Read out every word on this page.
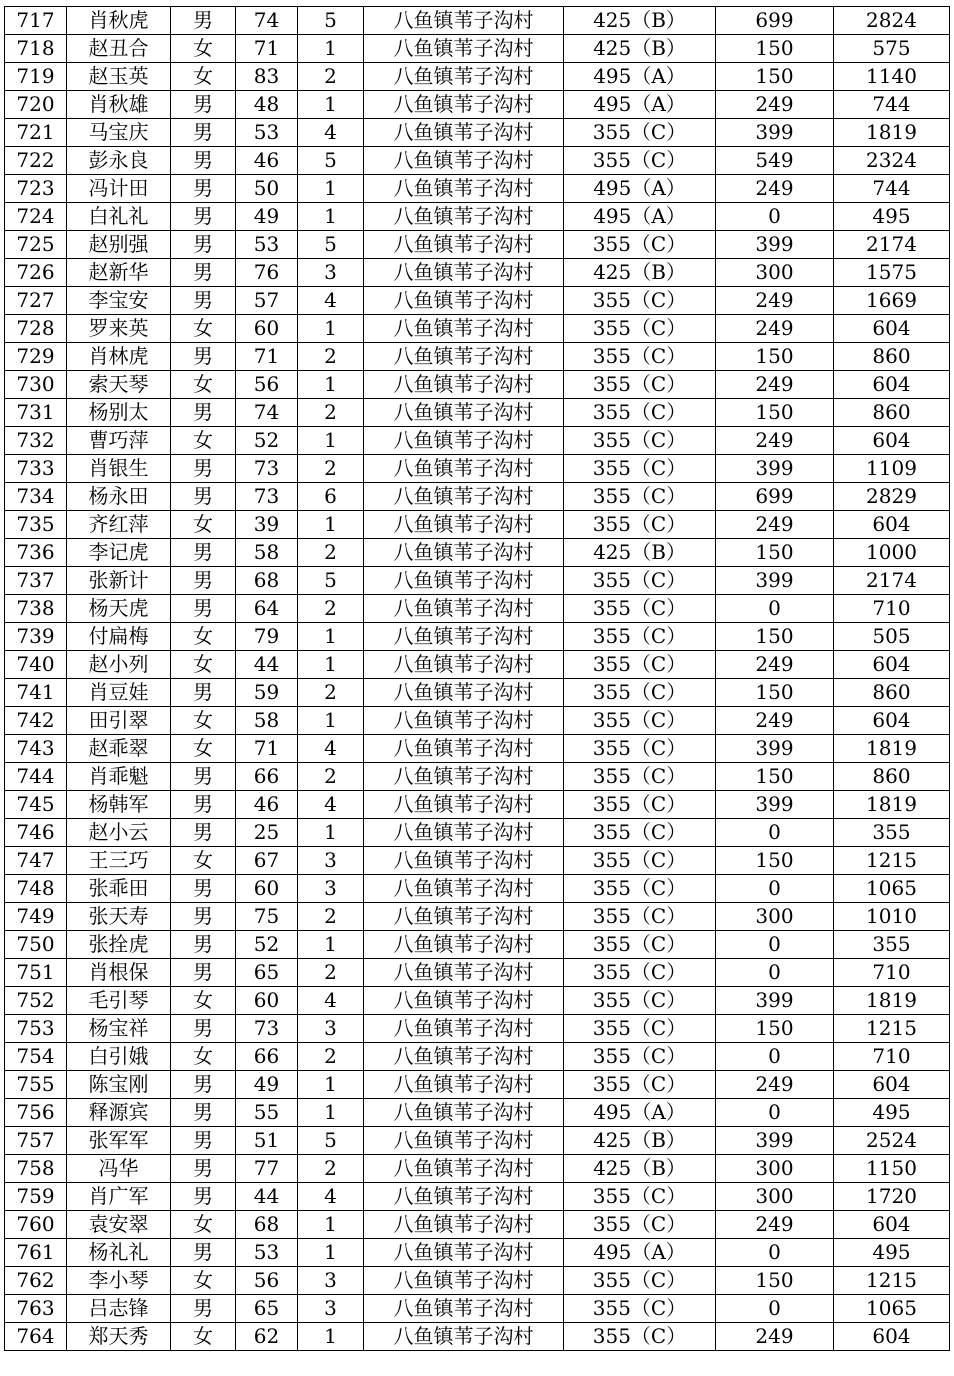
717	肖秋虎	男	74	5	八鱼镇苇子沟村	425（B）	699	2824
718	赵丑合	女	71	1	八鱼镇苇子沟村	425（B）	150	575
719	赵玉英	女	83	2	八鱼镇苇子沟村	495（A）	150	1140
720	肖秋雄	男	48	1	八鱼镇苇子沟村	495（A）	249	744
721	马宝庆	男	53	4	八鱼镇苇子沟村	355（C）	399	1819
722	彭永良	男	46	5	八鱼镇苇子沟村	355（C）	549	2324
723	冯计田	男	50	1	八鱼镇苇子沟村	495（A）	249	744
724	白礼礼	男	49	1	八鱼镇苇子沟村	495（A）	0	495
725	赵别强	男	53	5	八鱼镇苇子沟村	355（C）	399	2174
726	赵新华	男	76	3	八鱼镇苇子沟村	425（B）	300	1575
727	李宝安	男	57	4	八鱼镇苇子沟村	355（C）	249	1669
728	罗来英	女	60	1	八鱼镇苇子沟村	355（C）	249	604
729	肖林虎	男	71	2	八鱼镇苇子沟村	355（C）	150	860
730	索天琴	女	56	1	八鱼镇苇子沟村	355（C）	249	604
731	杨别太	男	74	2	八鱼镇苇子沟村	355（C）	150	860
732	曹巧萍	女	52	1	八鱼镇苇子沟村	355（C）	249	604
733	肖银生	男	73	2	八鱼镇苇子沟村	355（C）	399	1109
734	杨永田	男	73	6	八鱼镇苇子沟村	355（C）	699	2829
735	齐红萍	女	39	1	八鱼镇苇子沟村	355（C）	249	604
736	李记虎	男	58	2	八鱼镇苇子沟村	425（B）	150	1000
737	张新计	男	68	5	八鱼镇苇子沟村	355（C）	399	2174
738	杨天虎	男	64	2	八鱼镇苇子沟村	355（C）	0	710
739	付扁梅	女	79	1	八鱼镇苇子沟村	355（C）	150	505
740	赵小列	女	44	1	八鱼镇苇子沟村	355（C）	249	604
741	肖豆娃	男	59	2	八鱼镇苇子沟村	355（C）	150	860
742	田引翠	女	58	1	八鱼镇苇子沟村	355（C）	249	604
743	赵乖翠	女	71	4	八鱼镇苇子沟村	355（C）	399	1819
744	肖乖魁	男	66	2	八鱼镇苇子沟村	355（C）	150	860
745	杨韩军	男	46	4	八鱼镇苇子沟村	355（C）	399	1819
746	赵小云	男	25	1	八鱼镇苇子沟村	355（C）	0	355
747	王三巧	女	67	3	八鱼镇苇子沟村	355（C）	150	1215
748	张乖田	男	60	3	八鱼镇苇子沟村	355（C）	0	1065
749	张天寿	男	75	2	八鱼镇苇子沟村	355（C）	300	1010
750	张拴虎	男	52	1	八鱼镇苇子沟村	355（C）	0	355
751	肖根保	男	65	2	八鱼镇苇子沟村	355（C）	0	710
752	毛引琴	女	60	4	八鱼镇苇子沟村	355（C）	399	1819
753	杨宝祥	男	73	3	八鱼镇苇子沟村	355（C）	150	1215
754	白引娥	女	66	2	八鱼镇苇子沟村	355（C）	0	710
755	陈宝刚	男	49	1	八鱼镇苇子沟村	355（C）	249	604
756	释源宾	男	55	1	八鱼镇苇子沟村	495（A）	0	495
757	张军军	男	51	5	八鱼镇苇子沟村	425（B）	399	2524
758	冯华	男	77	2	八鱼镇苇子沟村	425（B）	300	1150
759	肖广军	男	44	4	八鱼镇苇子沟村	355（C）	300	1720
760	袁安翠	女	68	1	八鱼镇苇子沟村	355（C）	249	604
761	杨礼礼	男	53	1	八鱼镇苇子沟村	495（A）	0	495
762	李小琴	女	56	3	八鱼镇苇子沟村	355（C）	150	1215
763	吕志锋	男	65	3	八鱼镇苇子沟村	355（C）	0	1065
764	郑天秀	女	62	1	八鱼镇苇子沟村	355（C）	249	604
